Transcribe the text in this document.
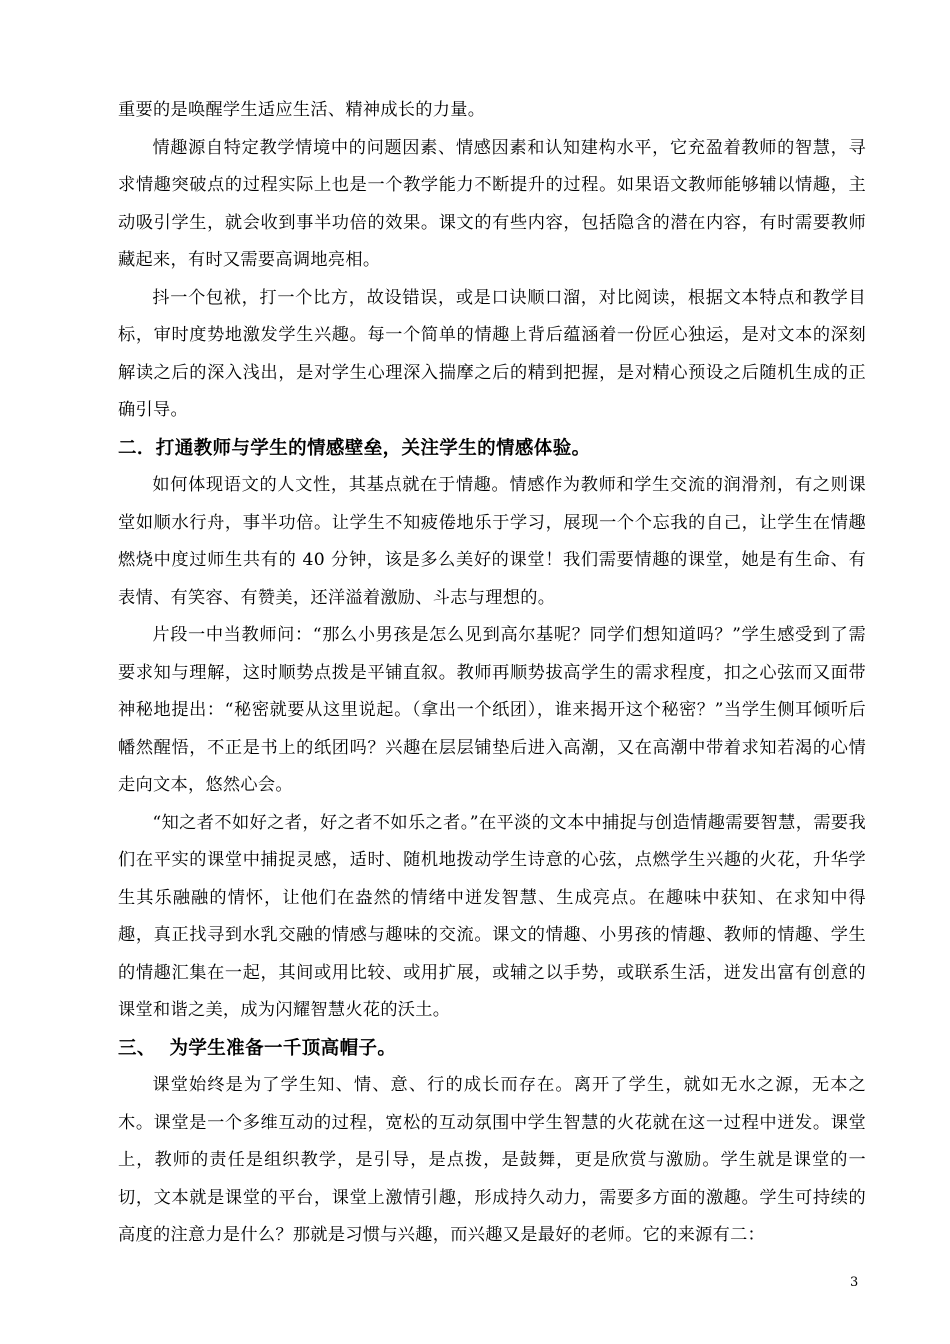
重要的是唤醒学生适应生活、精神成长的力量。

情趣源自特定教学情境中的问题因素、情感因素和认知建构水平，它充盈着教师的智慧，寻求情趣突破点的过程实际上也是一个教学能力不断提升的过程。如果语文教师能够辅以情趣，主动吸引学生，就会收到事半功倍的效果。课文的有些内容，包括隐含的潜在内容，有时需要教师藏起来，有时又需要高调地亮相。

抖一个包袱，打一个比方，故设错误，或是口诀顺口溜，对比阅读，根据文本特点和教学目标，审时度势地激发学生兴趣。每一个简单的情趣上背后蕴涵着一份匠心独运，是对文本的深刻解读之后的深入浅出，是对学生心理深入揣摩之后的精到把握，是对精心预设之后随机生成的正确引导。

二．打通教师与学生的情感壁垒，关注学生的情感体验。

如何体现语文的人文性，其基点就在于情趣。情感作为教师和学生交流的润滑剂，有之则课堂如顺水行舟，事半功倍。让学生不知疲倦地乐于学习，展现一个个忘我的自己，让学生在情趣燃烧中度过师生共有的 40 分钟，该是多么美好的课堂！我们需要情趣的课堂，她是有生命、有表情、有笑容、有赞美，还洋溢着激励、斗志与理想的。

片段一中当教师问：“那么小男孩是怎么见到高尔基呢？同学们想知道吗？”学生感受到了需要求知与理解，这时顺势点拨是平铺直叙。教师再顺势拔高学生的需求程度，扣之心弦而又面带神秘地提出：“秘密就要从这里说起。（拿出一个纸团），谁来揭开这个秘密？”当学生侧耳倾听后幡然醒悟，不正是书上的纸团吗？兴趣在层层铺垫后进入高潮，又在高潮中带着求知若渴的心情走向文本，悠然心会。

“知之者不如好之者，好之者不如乐之者。”在平淡的文本中捕捉与创造情趣需要智慧，需要我们在平实的课堂中捕捉灵感，适时、随机地拨动学生诗意的心弦，点燃学生兴趣的火花，升华学生其乐融融的情怀，让他们在盎然的情绪中迸发智慧、生成亮点。在趣味中获知、在求知中得趣，真正找寻到水乳交融的情感与趣味的交流。课文的情趣、小男孩的情趣、教师的情趣、学生的情趣汇集在一起，其间或用比较、或用扩展，或辅之以手势，或联系生活，迸发出富有创意的课堂和谐之美，成为闪耀智慧火花的沃土。

三、  为学生准备一千顶高帽子。

课堂始终是为了学生知、情、意、行的成长而存在。离开了学生，就如无水之源，无本之木。课堂是一个多维互动的过程，宽松的互动氛围中学生智慧的火花就在这一过程中迸发。课堂上，教师的责任是组织教学，是引导，是点拨，是鼓舞，更是欣赏与激励。学生就是课堂的一切，文本就是课堂的平台，课堂上激情引趣，形成持久动力，需要多方面的激趣。学生可持续的高度的注意力是什么？那就是习惯与兴趣，而兴趣又是最好的老师。它的来源有二：

3
